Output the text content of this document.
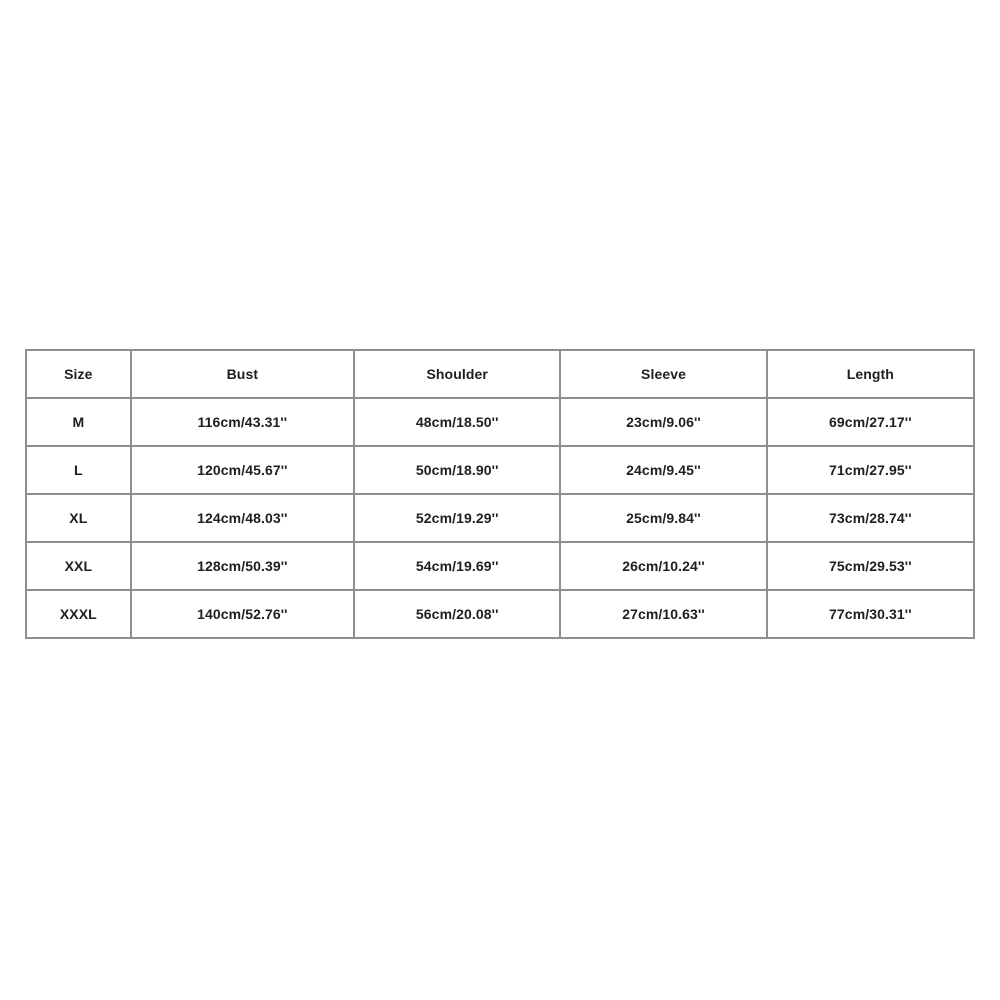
Size	Bust	Shoulder	Sleeve	Length
M	116cm/43.31''	48cm/18.50''	23cm/9.06''	69cm/27.17''
L	120cm/45.67''	50cm/18.90''	24cm/9.45''	71cm/27.95''
XL	124cm/48.03''	52cm/19.29''	25cm/9.84''	73cm/28.74''
XXL	128cm/50.39''	54cm/19.69''	26cm/10.24''	75cm/29.53''
XXXL	140cm/52.76''	56cm/20.08''	27cm/10.63''	77cm/30.31''
